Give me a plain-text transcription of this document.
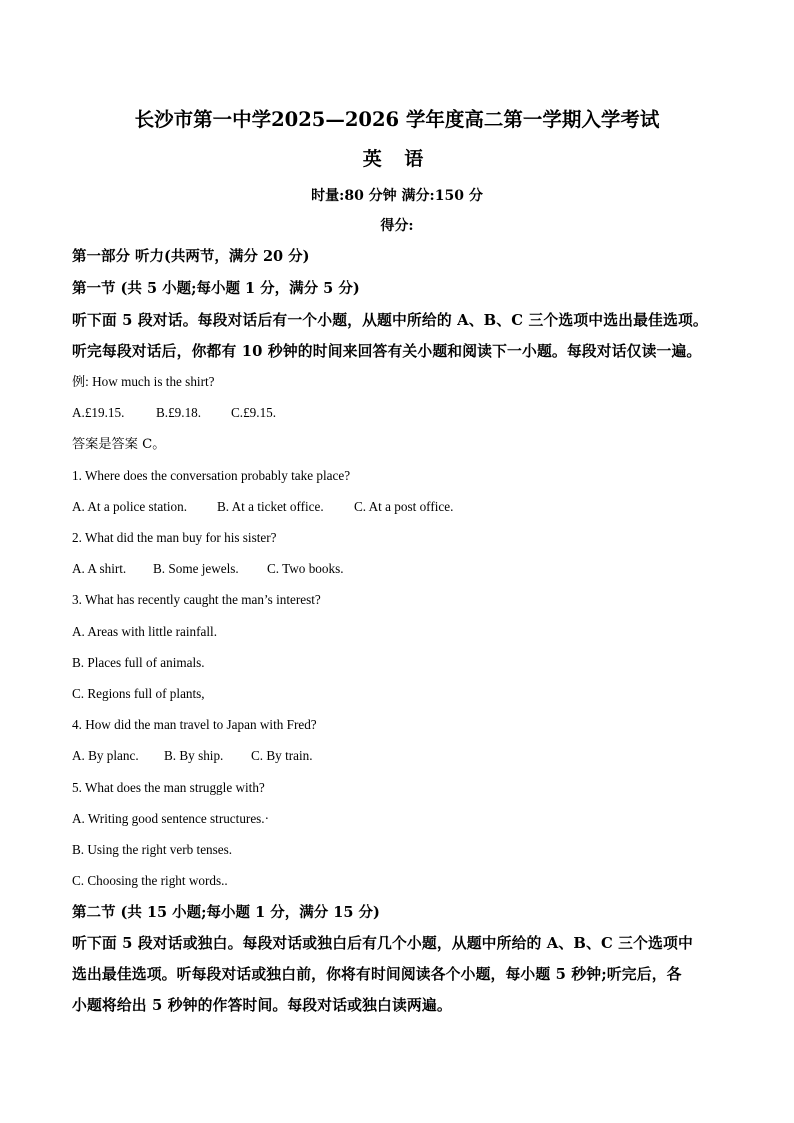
长沙市第一中学2025—2026 学年度高二第一学期入学考试
英 语
时量:80 分钟 满分:150 分
得分:
第一部分 听力(共两节，满分 20 分)
第一节 (共 5 小题;每小题 1 分，满分 5 分)
听下面 5 段对话。每段对话后有一个小题，从题中所给的 A、B、C 三个选项中选出最佳选项。
听完每段对话后，你都有 10 秒钟的时间来回答有关小题和阅读下一小题。每段对话仅读一遍。
例: How much is the shirt?
A.£19.15. B.£9.18. C.£9.15.
答案是答案 C。
1. Where does the conversation probably take place?
A. At a police station. B. At a ticket office. C. At a post office.
2. What did the man buy for his sister?
A. A shirt. B. Some jewels. C. Two books.
3. What has recently caught the man’s interest?
A. Areas with little rainfall.
B. Places full of animals.
C. Regions full of plants,
4. How did the man travel to Japan with Fred?
A. By planc. B. By ship. C. By train.
5. What does the man struggle with?
A. Writing good sentence structures.·
B. Using the right verb tenses.
C. Choosing the right words..
第二节 (共 15 小题;每小题 1 分，满分 15 分)
听下面 5 段对话或独白。每段对话或独白后有几个小题，从题中所给的 A、B、C 三个选项中
选出最佳选项。听每段对话或独白前，你将有时间阅读各个小题，每小题 5 秒钟;听完后，各
小题将给出 5 秒钟的作答时间。每段对话或独白读两遍。
